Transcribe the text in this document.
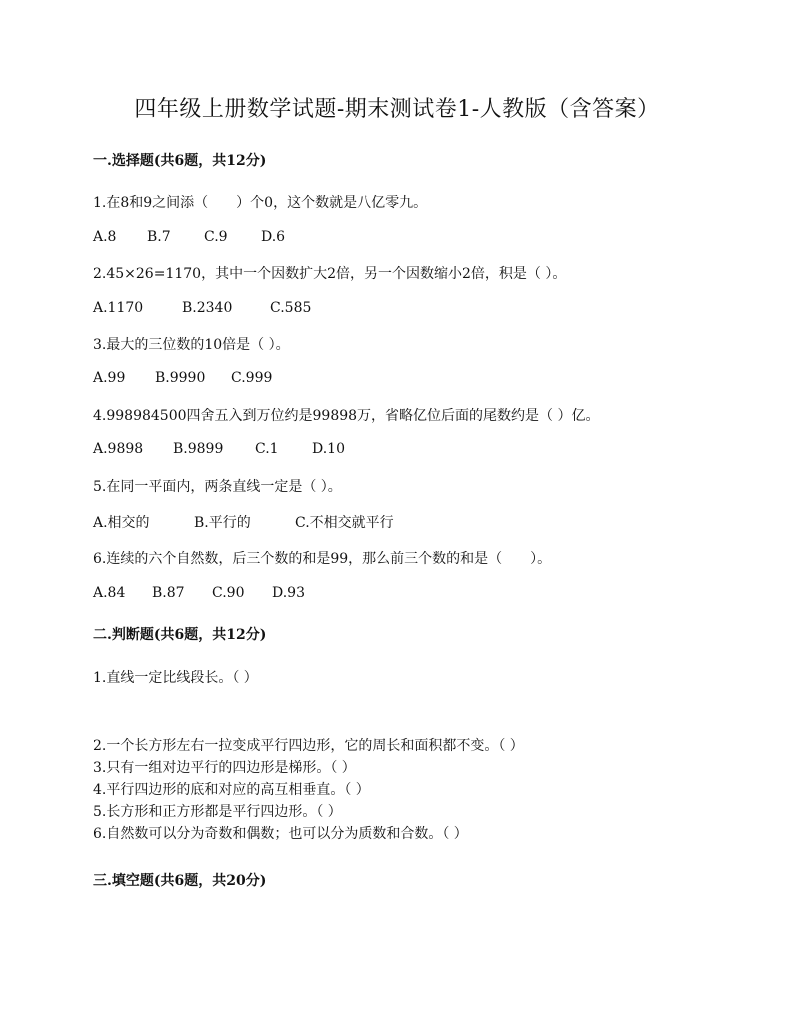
四年级上册数学试题-期末测试卷1-人教版（含答案）
一.选择题(共6题，共12分)
1.在8和9之间添（　　）个0，这个数就是八亿零九。
A.8 B.7 C.9 D.6
2.45×26=1170，其中一个因数扩大2倍，另一个因数缩小2倍，积是（ ）。
A.1170	B.2340	C.585
3.最大的三位数的10倍是（ ）。
A.99 B.9990 C.999
4.998984500四舍五入到万位约是99898万，省略亿位后面的尾数约是（ ）亿。
A.9898 B.9899 C.1 D.10
5.在同一平面内，两条直线一定是（ ）。
A.相交的	B.平行的	C.不相交就平行
6.连续的六个自然数，后三个数的和是99，那么前三个数的和是（　　）。
A.84 B.87 C.90 D.93
二.判断题(共6题，共12分)
1.直线一定比线段长。（ ）
2.一个长方形左右一拉变成平行四边形，它的周长和面积都不变。（ ）
3.只有一组对边平行的四边形是梯形。（ ）
4.平行四边形的底和对应的高互相垂直。（ ）
5.长方形和正方形都是平行四边形。（ ）
6.自然数可以分为奇数和偶数；也可以分为质数和合数。（ ）
三.填空题(共6题，共20分)
